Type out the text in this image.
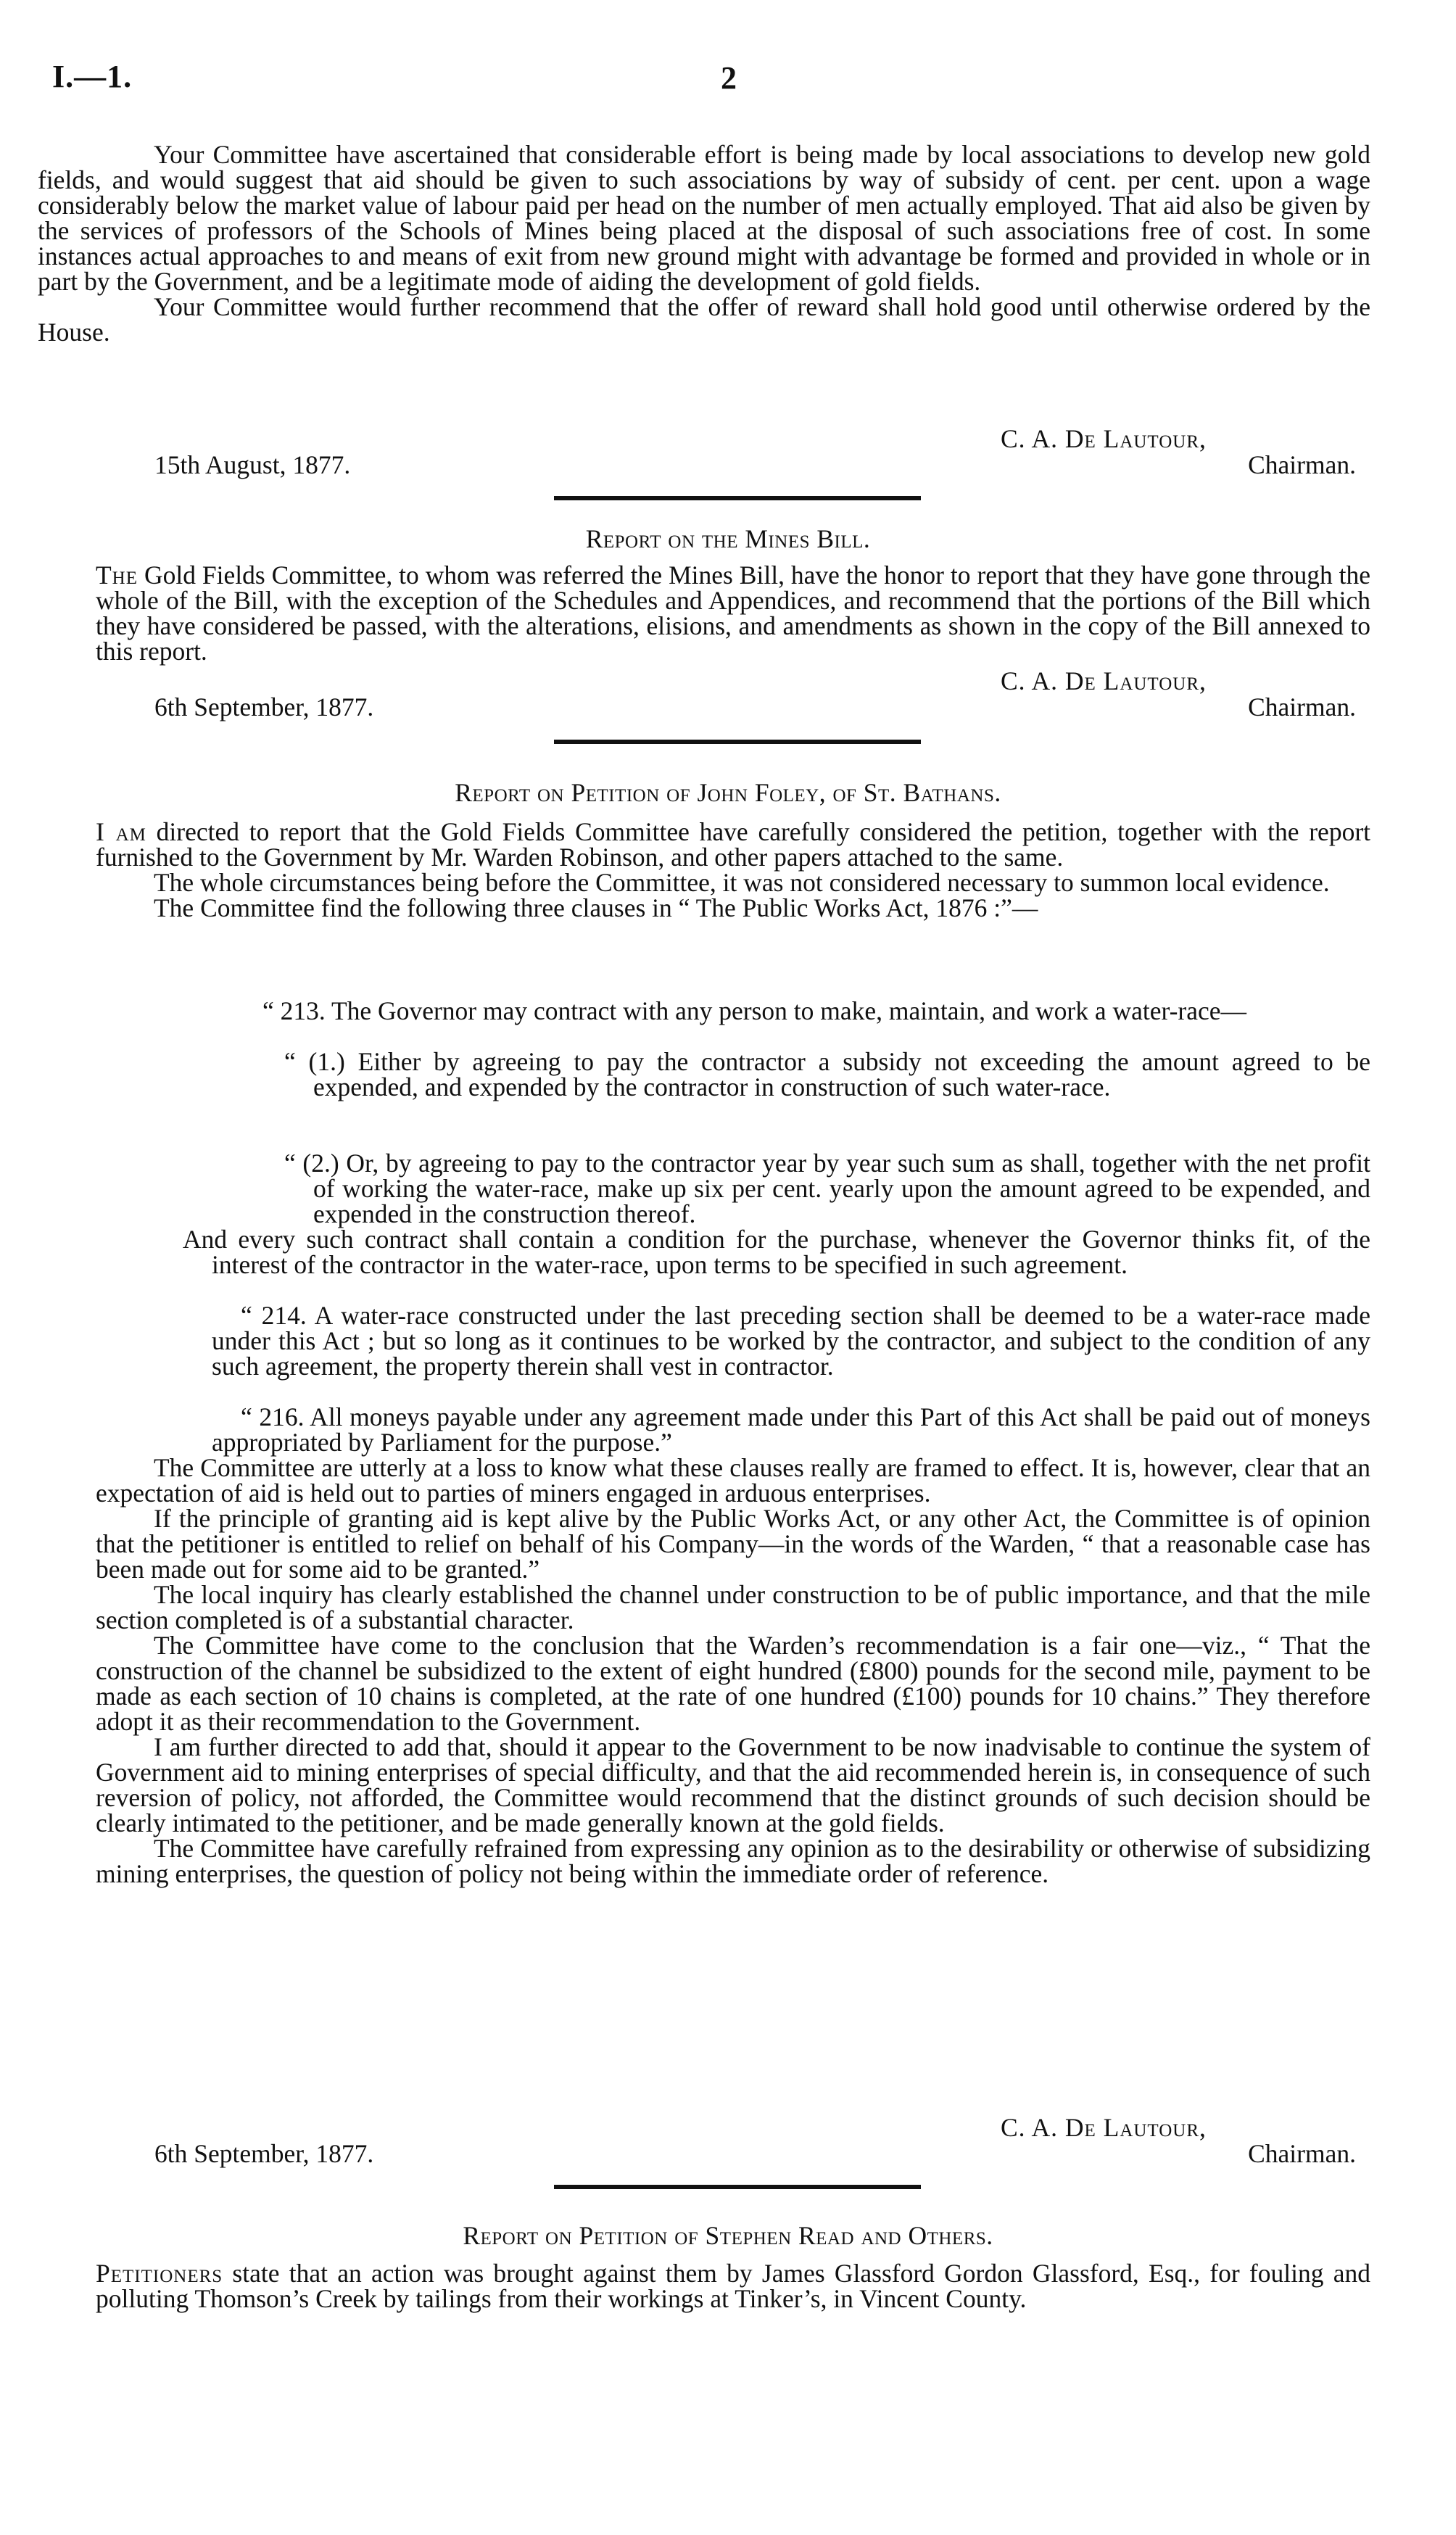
I.—1.	2

Your Committee have ascertained that considerable effort is being made by local associations to develop new gold fields, and would suggest that aid should be given to such associations by way of subsidy of cent. per cent. upon a wage considerably below the market value of labour paid per head on the number of men actually employed. That aid also be given by the services of professors of the Schools of Mines being placed at the disposal of such associations free of cost. In some instances actual approaches to and means of exit from new ground might with advantage be formed and provided in whole or in part by the Government, and be a legitimate mode of aiding the development of gold fields.

Your Committee would further recommend that the offer of reward shall hold good until otherwise ordered by the House.

C. A. De Lautour,
15th August, 1877.	Chairman.
Report on the Mines Bill.

The Gold Fields Committee, to whom was referred the Mines Bill, have the honor to report that they have gone through the whole of the Bill, with the exception of the Schedules and Appendices, and recommend that the portions of the Bill which they have considered be passed, with the alterations, elisions, and amendments as shown in the copy of the Bill annexed to this report.

C. A. De Lautour,
6th September, 1877.	Chairman.
Report on Petition of John Foley, of St. Bathans.

I am directed to report that the Gold Fields Committee have carefully considered the petition, together with the report furnished to the Government by Mr. Warden Robinson, and other papers attached to the same.

The whole circumstances being before the Committee, it was not considered necessary to summon local evidence.

The Committee find the following three clauses in “ The Public Works Act, 1876 :”—

“ 213. The Governor may contract with any person to make, maintain, and work a water-race—

“ (1.) Either by agreeing to pay the contractor a subsidy not exceeding the amount agreed to be expended, and expended by the contractor in construction of such water-race.

“ (2.) Or, by agreeing to pay to the contractor year by year such sum as shall, together with the net profit of working the water-race, make up six per cent. yearly upon the amount agreed to be expended, and expended in the construction thereof.

And every such contract shall contain a condition for the purchase, whenever the Governor thinks fit, of the interest of the contractor in the water-race, upon terms to be specified in such agreement.

“ 214. A water-race constructed under the last preceding section shall be deemed to be a water-race made under this Act ; but so long as it continues to be worked by the contractor, and subject to the condition of any such agreement, the property therein shall vest in contractor.

“ 216. All moneys payable under any agreement made under this Part of this Act shall be paid out of moneys appropriated by Parliament for the purpose.”

The Committee are utterly at a loss to know what these clauses really are framed to effect. It is, however, clear that an expectation of aid is held out to parties of miners engaged in arduous enterprises.

If the principle of granting aid is kept alive by the Public Works Act, or any other Act, the Committee is of opinion that the petitioner is entitled to relief on behalf of his Company—in the words of the Warden, “ that a reasonable case has been made out for some aid to be granted.”

The local inquiry has clearly established the channel under construction to be of public importance, and that the mile section completed is of a substantial character.

The Committee have come to the conclusion that the Warden’s recommendation is a fair one—viz., “ That the construction of the channel be subsidized to the extent of eight hundred (£800) pounds for the second mile, payment to be made as each section of 10 chains is completed, at the rate of one hundred (£100) pounds for 10 chains.” They therefore adopt it as their recommendation to the Government.

I am further directed to add that, should it appear to the Government to be now inadvisable to continue the system of Government aid to mining enterprises of special difficulty, and that the aid recommended herein is, in consequence of such reversion of policy, not afforded, the Committee would recommend that the distinct grounds of such decision should be clearly intimated to the petitioner, and be made generally known at the gold fields.

The Committee have carefully refrained from expressing any opinion as to the desirability or otherwise of subsidizing mining enterprises, the question of policy not being within the immediate order of reference.

C. A. De Lautour,
6th September, 1877.	Chairman.
Report on Petition of Stephen Read and Others.

Petitioners state that an action was brought against them by James Glassford Gordon Glassford, Esq., for fouling and polluting Thomson’s Creek by tailings from their workings at Tinker’s, in Vincent County.
